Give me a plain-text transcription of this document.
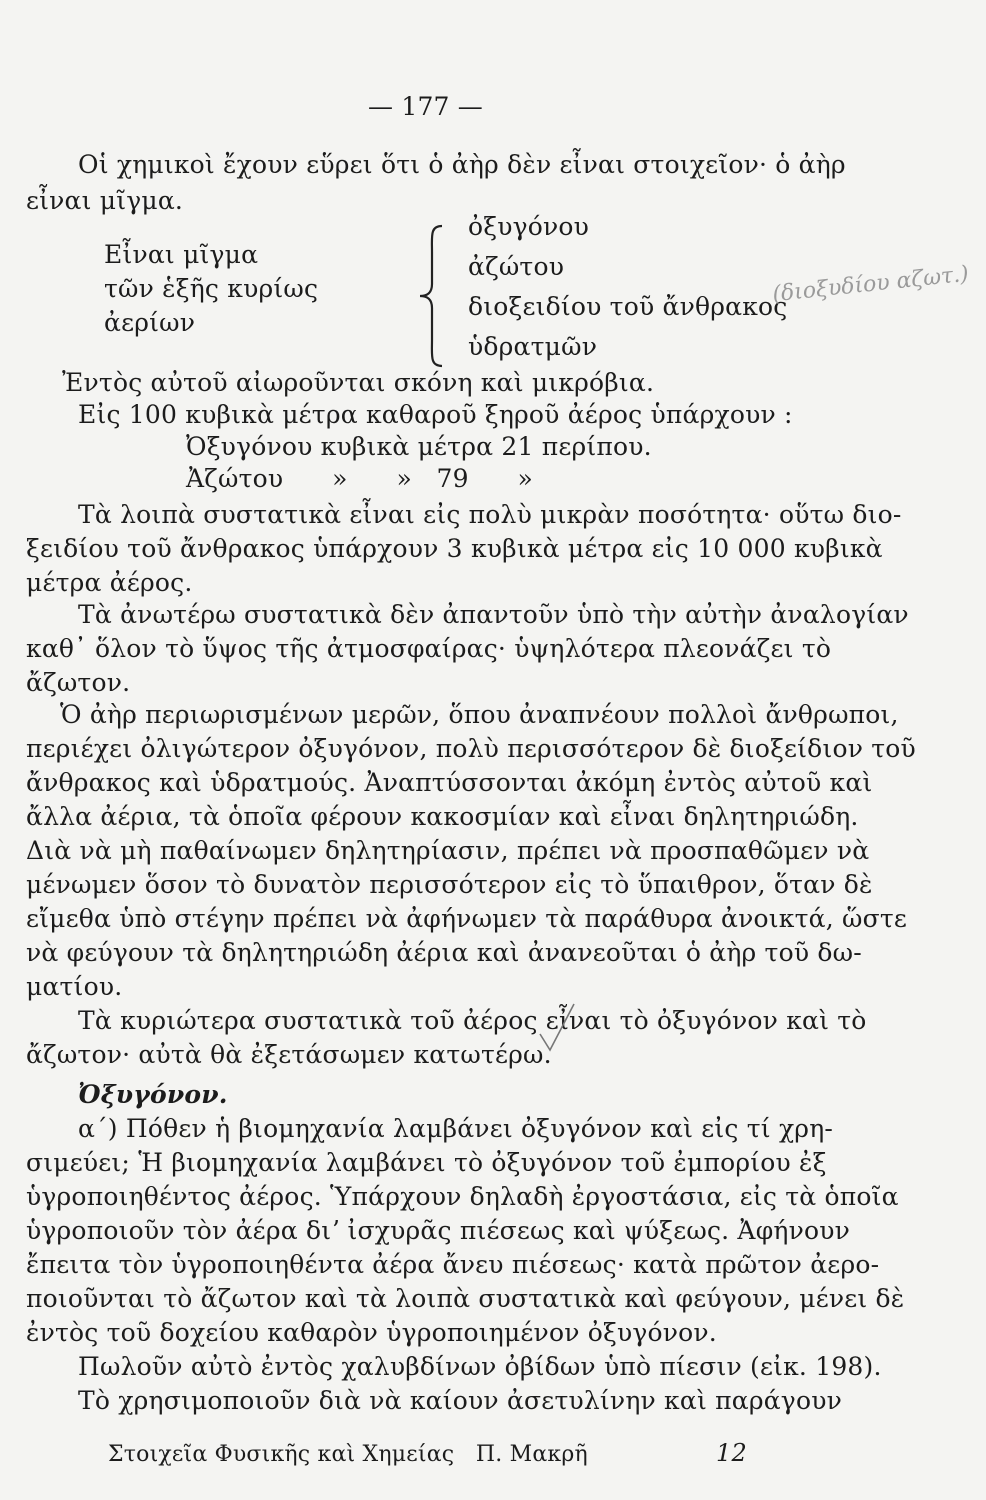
— 177 —
Οἱ χημικοὶ ἔχουν εὕρει ὅτι ὁ ἀὴρ δὲν εἶναι στοιχεῖον· ὁ ἀὴρ
εἶναι μῖγμα.
Εἶναι μῖγμα
τῶν ἑξῆς κυρίως
ἀερίων
ὀξυγόνου
ἀζώτου
διοξειδίου τοῦ ἄνθρακος
ὑδρατμῶν
(διοξυδίου αζωτ.)
Ἐντὸς αὐτοῦ αἰωροῦνται σκόνη καὶ μικρόβια.
Εἰς 100 κυβικὰ μέτρα καθαροῦ ξηροῦ ἀέρος ὑπάρχουν :
Ὀξυγόνου κυβικὰ μέτρα 21 περίπου.
Ἀζώτου      »      »   79      »
Τὰ λοιπὰ συστατικὰ εἶναι εἰς πολὺ μικρὰν ποσότητα· οὕτω διο-
ξειδίου τοῦ ἄνθρακος ὑπάρχουν 3 κυβικὰ μέτρα εἰς 10 000 κυβικὰ
μέτρα ἀέρος.
Τὰ ἀνωτέρω συστατικὰ δὲν ἀπαντοῦν ὑπὸ τὴν αὐτὴν ἀναλογίαν
καθ᾽ ὅλον τὸ ὕψος τῆς ἀτμοσφαίρας· ὑψηλότερα πλεονάζει τὸ
ἄζωτον.
Ὁ ἀὴρ περιωρισμένων μερῶν, ὅπου ἀναπνέουν πολλοὶ ἄνθρωποι,
περιέχει ὀλιγώτερον ὀξυγόνον, πολὺ περισσότερον δὲ διοξείδιον τοῦ
ἄνθρακος καὶ ὑδρατμούς. Ἀναπτύσσονται ἀκόμη ἐντὸς αὐτοῦ καὶ
ἄλλα ἀέρια, τὰ ὁποῖα φέρουν κακοσμίαν καὶ εἶναι δηλητηριώδη.
Διὰ νὰ μὴ παθαίνωμεν δηλητηρίασιν, πρέπει νὰ προσπαθῶμεν νὰ
μένωμεν ὅσον τὸ δυνατὸν περισσότερον εἰς τὸ ὕπαιθρον, ὅταν δὲ
εἴμεθα ὑπὸ στέγην πρέπει νὰ ἀφήνωμεν τὰ παράθυρα ἀνοικτά, ὥστε
νὰ φεύγουν τὰ δηλητηριώδη ἀέρια καὶ ἀνανεοῦται ὁ ἀὴρ τοῦ δω-
ματίου.
Τὰ κυριώτερα συστατικὰ τοῦ ἀέρος εἶναι τὸ ὀξυγόνον καὶ τὸ
ἄζωτον· αὐτὰ θὰ ἐξετάσωμεν κατωτέρω.
Ὀξυγόνον.
α΄) Πόθεν ἡ βιομηχανία λαμβάνει ὀξυγόνον καὶ εἰς τί χρη-
σιμεύει; Ἡ βιομηχανία λαμβάνει τὸ ὀξυγόνον τοῦ ἐμπορίου ἐξ
ὑγροποιηθέντος ἀέρος. Ὑπάρχουν δηλαδὴ ἐργοστάσια, εἰς τὰ ὁποῖα
ὑγροποιοῦν τὸν ἀέρα διʼ ἰσχυρᾶς πιέσεως καὶ ψύξεως. Ἀφήνουν
ἔπειτα τὸν ὑγροποιηθέντα ἀέρα ἄνευ πιέσεως· κατὰ πρῶτον ἀερο-
ποιοῦνται τὸ ἄζωτον καὶ τὰ λοιπὰ συστατικὰ καὶ φεύγουν, μένει δὲ
ἐντὸς τοῦ δοχείου καθαρὸν ὑγροποιημένον ὀξυγόνον.
Πωλοῦν αὐτὸ ἐντὸς χαλυβδίνων ὀβίδων ὑπὸ πίεσιν (εἰκ. 198).
Τὸ χρησιμοποιοῦν διὰ νὰ καίουν ἀσετυλίνην καὶ παράγουν
Στοιχεῖα Φυσικῆς καὶ Χημείας   Π. Μακρῆ	12
